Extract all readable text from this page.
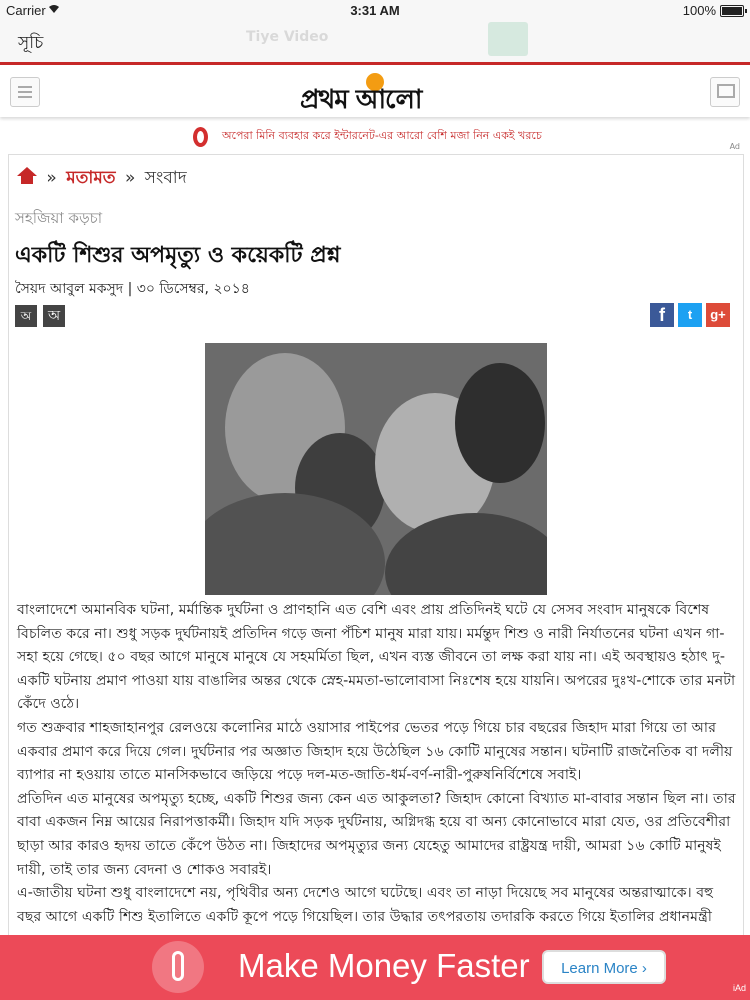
Carrier	3:31 AM	100%
সূচি	Tiye Video
প্রথম আলো
অপেরা মিনি ব্যবহার করে ইন্টারনেট-এর আরো বেশি মজা নিন একই খরচে
Ad
» মতামত » সংবাদ
সহজিয়া কড়চা
একটি শিশুর অপমৃত্যু ও কয়েকটি প্রশ্ন
সৈয়দ আবুল মকসুদ | ৩০ ডিসেম্বর, ২০১৪
অ	অ	f	t	g+

বাংলাদেশে অমানবিক ঘটনা, মর্মান্তিক দুর্ঘটনা ও প্রাণহানি এত বেশি এবং প্রায় প্রতিদিনই ঘটে যে সেসব সংবাদ মানুষকে বিশেষ বিচলিত করে না। শুধু সড়ক দুর্ঘটনায়ই প্রতিদিন গড়ে জনা পঁচিশ মানুষ মারা যায়। মর্মন্তুদ শিশু ও নারী নির্যাতনের ঘটনা এখন গা-সহা হয়ে গেছে। ৫০ বছর আগে মানুষে মানুষে যে সহমর্মিতা ছিল, এখন ব্যস্ত জীবনে তা লক্ষ করা যায় না। এই অবস্থায়ও হঠাৎ দু-একটি ঘটনায় প্রমাণ পাওয়া যায় বাঙালির অন্তর থেকে স্নেহ-মমতা-ভালোবাসা নিঃশেষ হয়ে যায়নি। অপরের দুঃখ-শোকে তার মনটা কেঁদে ওঠে।

গত শুক্রবার শাহজাহানপুর রেলওয়ে কলোনির মাঠে ওয়াসার পাইপের ভেতর পড়ে গিয়ে চার বছরের জিহাদ মারা গিয়ে তা আর একবার প্রমাণ করে দিয়ে গেল। দুর্ঘটনার পর অজ্ঞাত জিহাদ হয়ে উঠেছিল ১৬ কোটি মানুষের সন্তান। ঘটনাটি রাজনৈতিক বা দলীয় ব্যাপার না হওয়ায় তাতে মানসিকভাবে জড়িয়ে পড়ে দল-মত-জাতি-ধর্ম-বর্ণ-নারী-পুরুষনির্বিশেষে সবাই।

প্রতিদিন এত মানুষের অপমৃত্যু হচ্ছে, একটি শিশুর জন্য কেন এত আকুলতা? জিহাদ কোনো বিখ্যাত মা-বাবার সন্তান ছিল না। তার বাবা একজন নিম্ন আয়ের নিরাপত্তাকর্মী। জিহাদ যদি সড়ক দুর্ঘটনায়, অগ্নিদগ্ধ হয়ে বা অন্য কোনোভাবে মারা যেত, ওর প্রতিবেশীরা ছাড়া আর কারও হৃদয় তাতে কেঁপে উঠত না। জিহাদের অপমৃত্যুর জন্য যেহেতু আমাদের রাষ্ট্রযন্ত্র দায়ী, আমরা ১৬ কোটি মানুষই দায়ী, তাই তার জন্য বেদনা ও শোকও সবারই।

এ-জাতীয় ঘটনা শুধু বাংলাদেশে নয়, পৃথিবীর অন্য দেশেও আগে ঘটেছে। এবং তা নাড়া দিয়েছে সব মানুষের অন্তরাত্মাকে। বহু বছর আগে একটি শিশু ইতালিতে একটি কূপে পড়ে গিয়েছিল। তার উদ্ধার তৎপরতায় তদারকি করতে গিয়ে ইতালির প্রধানমন্ত্রী

Make Money Faster	Learn More ›
iAd
